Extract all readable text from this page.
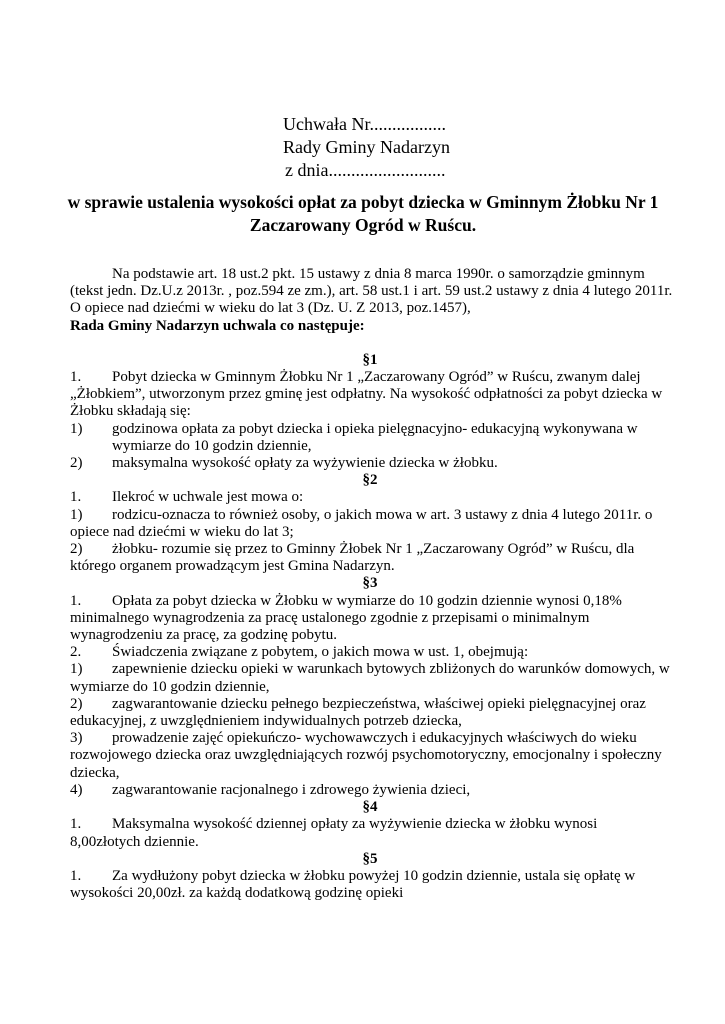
Uchwała Nr.................
Rady Gminy Nadarzyn
z dnia..........................
w sprawie ustalenia wysokości opłat za pobyt dziecka w Gminnym Żłobku Nr 1
Zaczarowany Ogród w Ruścu.
Na podstawie art. 18 ust.2 pkt. 15 ustawy z dnia 8 marca 1990r. o samorządzie gminnym
(tekst jedn. Dz.U.z 2013r. , poz.594 ze zm.), art. 58 ust.1 i art. 59 ust.2 ustawy z dnia 4 lutego 2011r.
O opiece nad dziećmi w wieku do lat 3 (Dz. U. Z 2013, poz.1457),
Rada Gminy Nadarzyn uchwala co następuje:
§1
1. Pobyt dziecka w Gminnym Żłobku Nr 1 „Zaczarowany Ogród” w Ruścu, zwanym dalej
„Żłobkiem”, utworzonym przez gminę jest odpłatny. Na wysokość odpłatności za pobyt dziecka w
Żłobku składają się:
1) godzinowa opłata za pobyt dziecka i opieka pielęgnacyjno- edukacyjną wykonywana w
wymiarze do 10 godzin dziennie,
2) maksymalna wysokość opłaty za wyżywienie dziecka w żłobku.
§2
1. Ilekroć w uchwale jest mowa o:
1) rodzicu-oznacza to również osoby, o jakich mowa w art. 3 ustawy z dnia 4 lutego 2011r. o
opiece nad dziećmi w wieku do lat 3;
2) żłobku- rozumie się przez to Gminny Żłobek Nr 1 „Zaczarowany Ogród” w Ruścu, dla
którego organem prowadzącym jest Gmina Nadarzyn.
§3
1. Opłata za pobyt dziecka w Żłobku w wymiarze do 10 godzin dziennie wynosi 0,18%
minimalnego wynagrodzenia za pracę ustalonego zgodnie z przepisami o minimalnym
wynagrodzeniu za pracę, za godzinę pobytu.
2. Świadczenia związane z pobytem, o jakich mowa w ust. 1, obejmują:
1) zapewnienie dziecku opieki w warunkach bytowych zbliżonych do warunków domowych, w
wymiarze do 10 godzin dziennie,
2) zagwarantowanie dziecku pełnego bezpieczeństwa, właściwej opieki pielęgnacyjnej oraz
edukacyjnej, z uwzględnieniem indywidualnych potrzeb dziecka,
3) prowadzenie zajęć opiekuńczo- wychowawczych i edukacyjnych właściwych do wieku
rozwojowego dziecka oraz uwzględniających rozwój psychomotoryczny, emocjonalny i społeczny
dziecka,
4) zagwarantowanie racjonalnego i zdrowego żywienia dzieci,
§4
1. Maksymalna wysokość dziennej opłaty za wyżywienie dziecka w żłobku wynosi
8,00złotych dziennie.
§5
1. Za wydłużony pobyt dziecka w żłobku powyżej 10 godzin dziennie, ustala się opłatę w
wysokości 20,00zł. za każdą dodatkową godzinę opieki
